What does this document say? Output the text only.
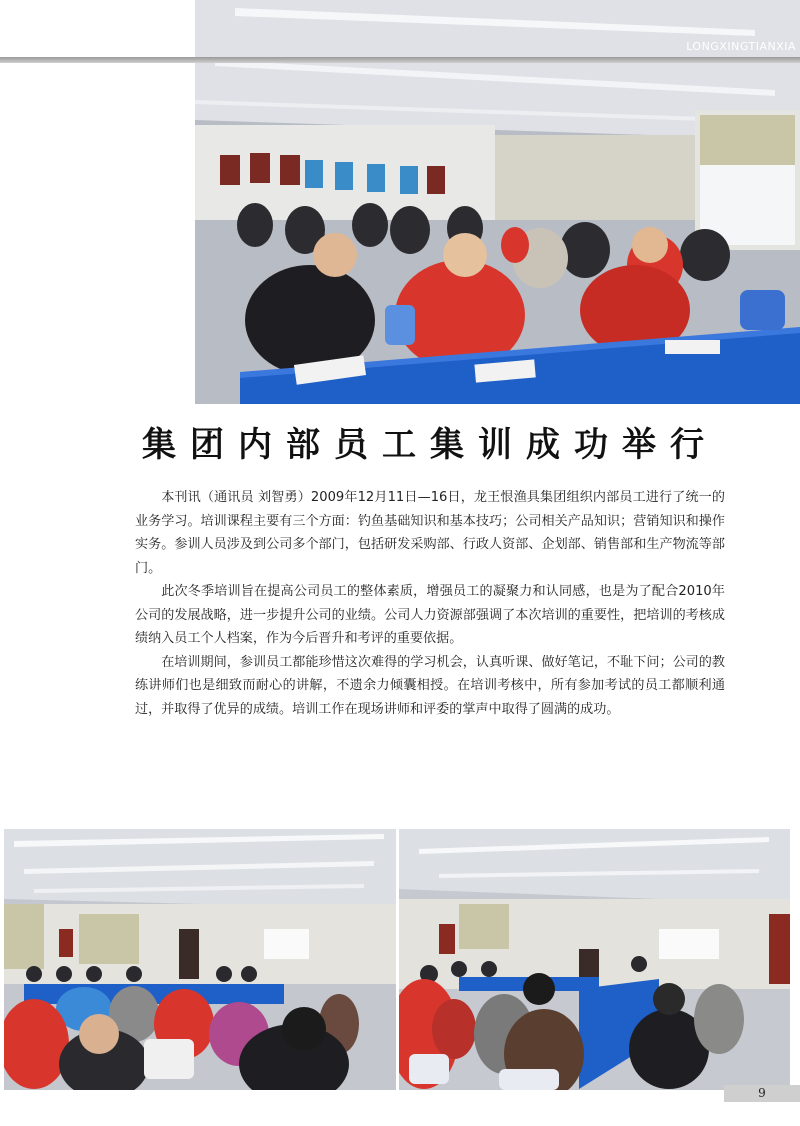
LONGXINGTIANXIA
集团内部员工集训成功举行

本刊讯（通讯员 刘智勇）2009年12月11日—16日，龙王恨渔具集团组织内部员工进行了统一的业务学习。培训课程主要有三个方面：钓鱼基础知识和基本技巧；公司相关产品知识；营销知识和操作实务。参训人员涉及到公司多个部门，包括研发采购部、行政人资部、企划部、销售部和生产物流等部门。

此次冬季培训旨在提高公司员工的整体素质，增强员工的凝聚力和认同感，也是为了配合2010年公司的发展战略，进一步提升公司的业绩。公司人力资源部强调了本次培训的重要性，把培训的考核成绩纳入员工个人档案，作为今后晋升和考评的重要依据。

在培训期间，参训员工都能珍惜这次难得的学习机会，认真听课、做好笔记，不耻下问；公司的教练讲师们也是细致而耐心的讲解，不遗余力倾囊相授。在培训考核中，所有参加考试的员工都顺利通过，并取得了优异的成绩。培训工作在现场讲师和评委的掌声中取得了圆满的成功。

9
